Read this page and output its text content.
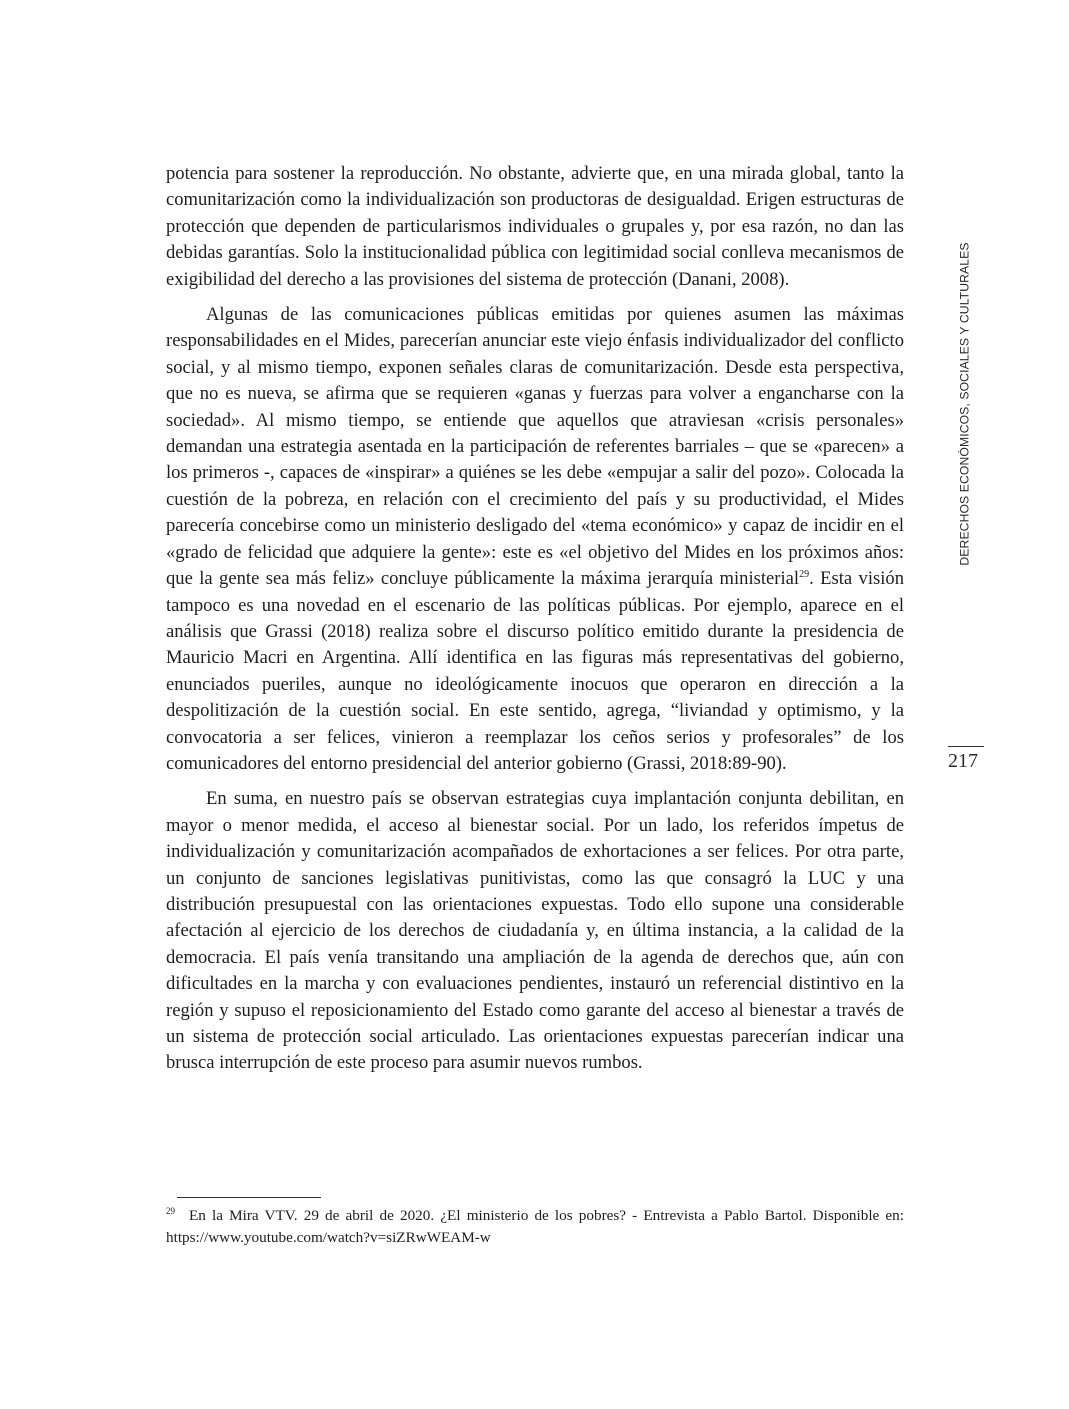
potencia para sostener la reproducción. No obstante, advierte que, en una mirada global, tanto la comunitarización como la individualización son productoras de desigualdad. Erigen estructuras de protección que dependen de particularismos individuales o grupales y, por esa razón, no dan las debidas garantías. Solo la institucionalidad pública con legitimidad social conlleva mecanismos de exigibilidad del derecho a las provisiones del sistema de protección (Danani, 2008).

Algunas de las comunicaciones públicas emitidas por quienes asumen las máximas responsabilidades en el Mides, parecerían anunciar este viejo énfasis individualizador del conflicto social, y al mismo tiempo, exponen señales claras de comunitarización. Desde esta perspectiva, que no es nueva, se afirma que se requieren «ganas y fuerzas para volver a engancharse con la sociedad». Al mismo tiempo, se entiende que aquellos que atraviesan «crisis personales» demandan una estrategia asentada en la participación de referentes barriales – que se «parecen» a los primeros -, capaces de «inspirar» a quiénes se les debe «empujar a salir del pozo». Colocada la cuestión de la pobreza, en relación con el crecimiento del país y su productividad, el Mides parecería concebirse como un ministerio desligado del «tema económico» y capaz de incidir en el «grado de felicidad que adquiere la gente»: este es «el objetivo del Mides en los próximos años: que la gente sea más feliz» concluye públicamente la máxima jerarquía ministerial$^{29}$. Esta visión tampoco es una novedad en el escenario de las políticas públicas. Por ejemplo, aparece en el análisis que Grassi (2018) realiza sobre el discurso político emitido durante la presidencia de Mauricio Macri en Argentina. Allí identifica en las figuras más representativas del gobierno, enunciados pueriles, aunque no ideológicamente inocuos que operaron en dirección a la despolitización de la cuestión social. En este sentido, agrega, “liviandad y optimismo, y la convocatoria a ser felices, vinieron a reemplazar los ceños serios y profesorales” de los comunicadores del entorno presidencial del anterior gobierno (Grassi, 2018:89-90).

En suma, en nuestro país se observan estrategias cuya implantación conjunta debilitan, en mayor o menor medida, el acceso al bienestar social. Por un lado, los referidos ímpetus de individualización y comunitarización acompañados de exhortaciones a ser felices. Por otra parte, un conjunto de sanciones legislativas punitivistas, como las que consagró la LUC y una distribución presupuestal con las orientaciones expuestas. Todo ello supone una considerable afectación al ejercicio de los derechos de ciudadanía y, en última instancia, a la calidad de la democracia. El país venía transitando una ampliación de la agenda de derechos que, aún con dificultades en la marcha y con evaluaciones pendientes, instauró un referencial distintivo en la región y supuso el reposicionamiento del Estado como garante del acceso al bienestar a través de un sistema de protección social articulado. Las orientaciones expuestas parecerían indicar una brusca interrupción de este proceso para asumir nuevos rumbos.

DERECHOS ECONÓMICOS, SOCIALES Y CULTURALES
217
$^{29}$ En la Mira VTV. 29 de abril de 2020. ¿El ministerio de los pobres? - Entrevista a Pablo Bartol. Disponible en: https://www.youtube.com/watch?v=siZRwWEAM-w
